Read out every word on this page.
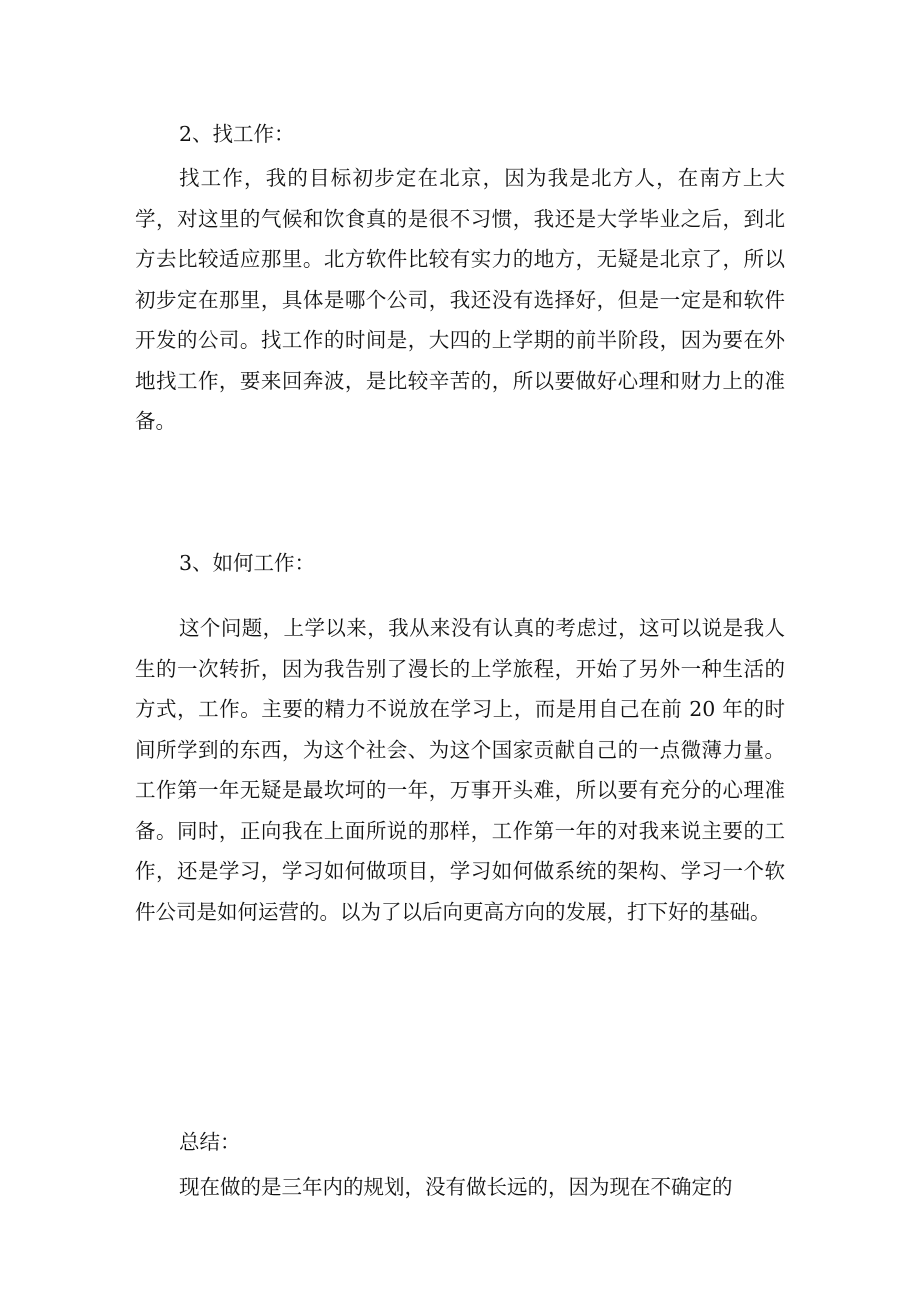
2、找工作：
找工作，我的目标初步定在北京，因为我是北方人，在南方上大学，对这里的气候和饮食真的是很不习惯，我还是大学毕业之后，到北方去比较适应那里。北方软件比较有实力的地方，无疑是北京了，所以初步定在那里，具体是哪个公司，我还没有选择好，但是一定是和软件开发的公司。找工作的时间是，大四的上学期的前半阶段，因为要在外地找工作，要来回奔波，是比较辛苦的，所以要做好心理和财力上的准备。
3、如何工作：
这个问题，上学以来，我从来没有认真的考虑过，这可以说是我人生的一次转折，因为我告别了漫长的上学旅程，开始了另外一种生活的方式，工作。主要的精力不说放在学习上，而是用自己在前 20 年的时间所学到的东西，为这个社会、为这个国家贡献自己的一点微薄力量。工作第一年无疑是最坎坷的一年，万事开头难，所以要有充分的心理准备。同时，正向我在上面所说的那样，工作第一年的对我来说主要的工作，还是学习，学习如何做项目，学习如何做系统的架构、学习一个软件公司是如何运营的。以为了以后向更高方向的发展，打下好的基础。
总结：
现在做的是三年内的规划，没有做长远的，因为现在不确定的
